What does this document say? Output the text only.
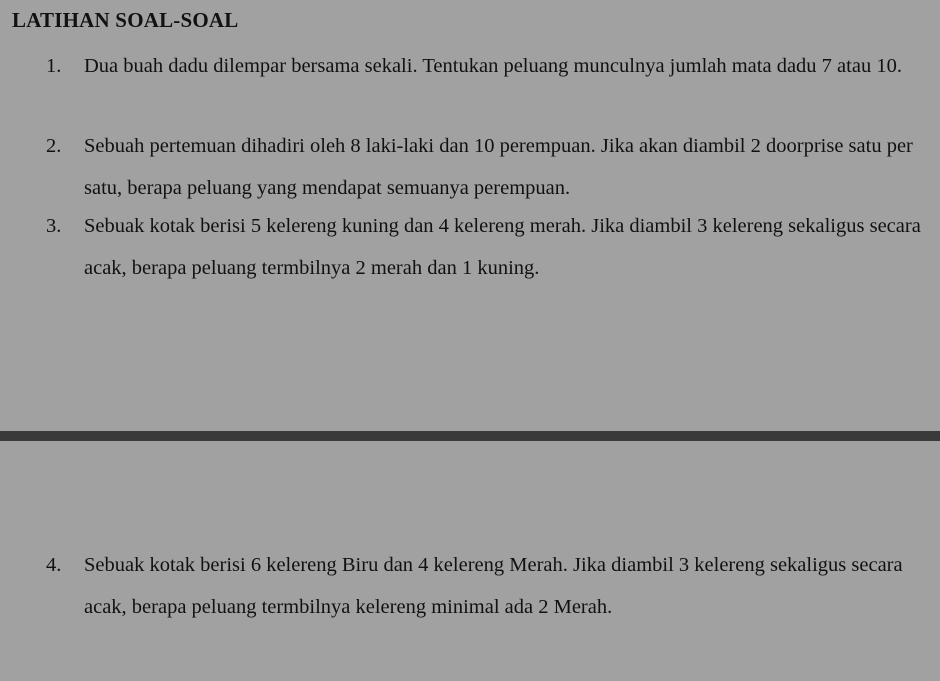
LATIHAN SOAL-SOAL
1. Dua buah dadu dilempar bersama sekali. Tentukan peluang munculnya jumlah mata dadu 7 atau 10.
2. Sebuah pertemuan dihadiri oleh 8 laki-laki dan 10 perempuan. Jika akan diambil 2 doorprise satu per satu, berapa peluang yang mendapat semuanya perempuan.
3. Sebuak kotak berisi 5 kelereng kuning dan 4 kelereng merah. Jika diambil 3 kelereng sekaligus secara acak, berapa peluang termbilnya 2 merah dan 1 kuning.
4. Sebuak kotak berisi 6 kelereng Biru dan 4 kelereng Merah. Jika diambil 3 kelereng sekaligus secara acak, berapa peluang termbilnya kelereng minimal ada 2 Merah.
